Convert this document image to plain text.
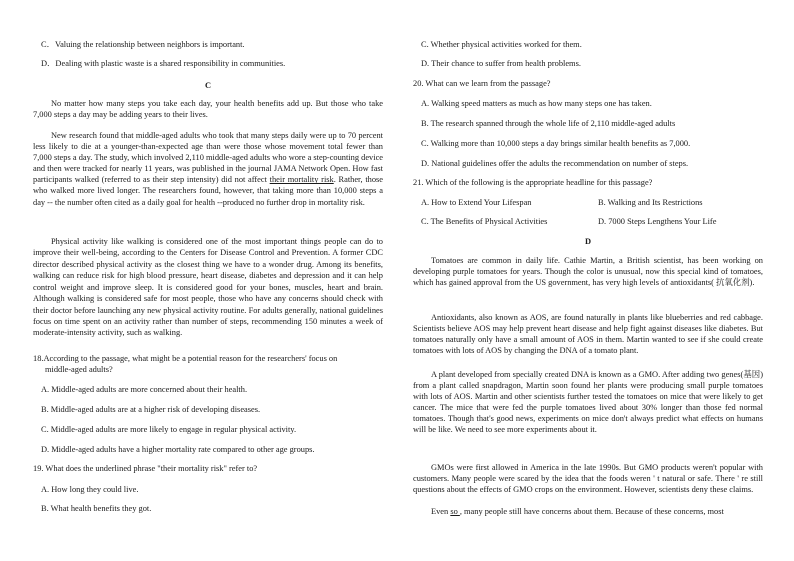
C．Valuing the relationship between neighbors is important.
D．Dealing with plastic waste is a shared responsibility in communities.
C
No matter how many steps you take each day, your health benefits add up. But those who take 7,000 steps a day may be adding years to their lives.
New research found that middle-aged adults who took that many steps daily were up to 70 percent less likely to die at a younger-than-expected age than were those whose movement total fewer than 7,000 steps a day. The study, which involved 2,110 middle-aged adults who wore a step-counting device and then were tracked for nearly 11 years, was published in the journal JAMA Network Open. How fast participants walked (referred to as their step intensity) did not affect their mortality risk. Rather, those who walked more lived longer. The researchers found, however, that taking more than 10,000 steps a day -- the number often cited as a daily goal for health --produced no further drop in mortality risk.
Physical activity like walking is considered one of the most important things people can do to improve their well-being, according to the Centers for Disease Control and Prevention. A former CDC director described physical activity as the closest thing we have to a wonder drug. Among its benefits, walking can reduce risk for high blood pressure, heart disease, diabetes and depression and it can help control weight and improve sleep. It is considered good for your bones, muscles, heart and brain. Although walking is considered safe for most people, those who have any concerns should check with their doctor before launching any new physical activity routine. For adults generally, national guidelines focus on time spent on an activity rather than number of steps, recommending 150 minutes a week of moderate-intensity activity, such as walking.
18.According to the passage, what might be a potential reason for the researchers' focus on
middle-aged adults?
A. Middle-aged adults are more concerned about their health.
B. Middle-aged adults are at a higher risk of developing diseases.
C. Middle-aged adults are more likely to engage in regular physical activity.
D. Middle-aged adults have a higher mortality rate compared to other age groups.
19. What does the underlined phrase "their mortality risk" refer to?
A. How long they could live.
B. What health benefits they got.
C. Whether physical activities worked for them.
D. Their chance to suffer from health problems.
20. What can we learn from the passage?
A. Walking speed matters as much as how many steps one has taken.
B. The research spanned through the whole life of 2,110 middle-aged adults
C. Walking more than 10,000 steps a day brings similar health benefits as 7,000.
D. National guidelines offer the adults the recommendation on number of steps.
21. Which of the following is the appropriate headline for this passage?
A. How to Extend Your Lifespan	B. Walking and Its Restrictions
C. The Benefits of Physical Activities	D. 7000 Steps Lengthens Your Life
D
Tomatoes are common in daily life. Cathie Martin, a British scientist, has been working on developing purple tomatoes for years. Though the color is unusual, now this special kind of tomatoes, which has gained approval from the US government, has very high levels of antioxidants( 抗氧化剂).
Antioxidants, also known as AOS, are found naturally in plants like blueberries and red cabbage. Scientists believe AOS may help prevent heart disease and help fight against diseases like diabetes. But tomatoes naturally only have a small amount of AOS in them. Martin wanted to see if she could create tomatoes with lots of AOS by changing the DNA of a tomato plant.
A plant developed from specially created DNA is known as a GMO. After adding two genes(基因) from a plant called snapdragon, Martin soon found her plants were producing small purple tomatoes with lots of AOS. Martin and other scientists further tested the tomatoes on mice that were likely to get cancer. The mice that were fed the purple tomatoes lived about 30% longer than those fed normal tomatoes. Though that's good news, experiments on mice don't always predict what effects on humans will be like. We need to see more experiments about it.
GMOs were first allowed in America in the late 1990s. But GMO products weren't popular with customers. Many people were scared by the idea that the foods weren ' t natural or safe. There ' re still questions about the effects of GMO crops on the environment. However, scientists deny these claims.
Even so , many people still have concerns about them. Because of these concerns, most
